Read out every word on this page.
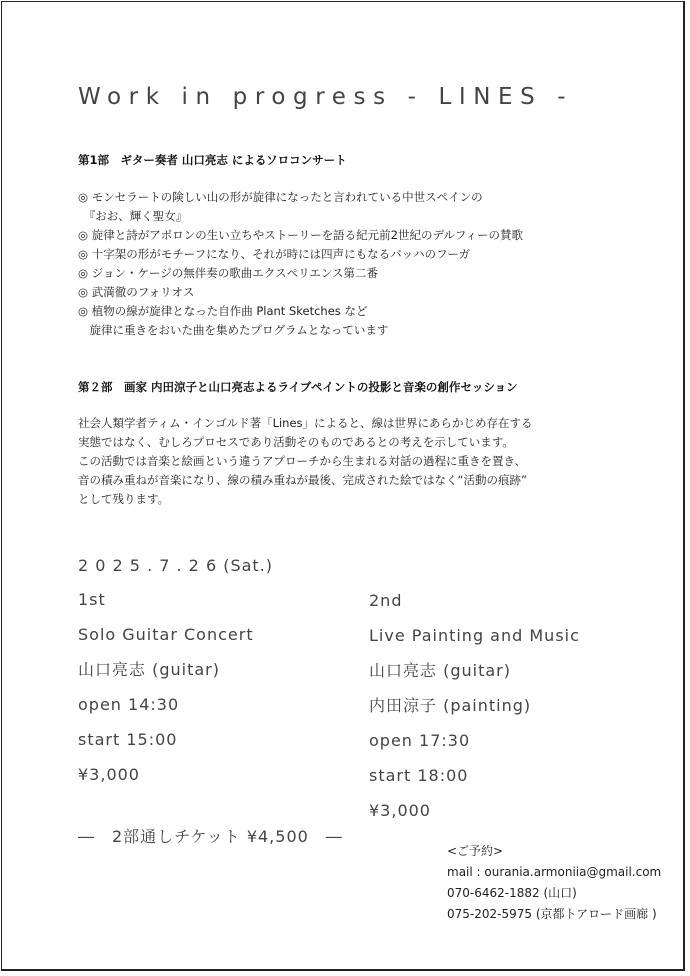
Work in progress - LINES -
第1部　ギター奏者 山口亮志 によるソロコンサート
◎ モンセラートの険しい山の形が旋律になったと言われている中世スペインの
　『おお、輝く聖女』
◎ 旋律と詩がアポロンの生い立ちやストーリーを語る紀元前2世紀のデルフィーの賛歌
◎ 十字架の形がモチーフになり、それが時には四声にもなるバッハのフーガ
◎ ジョン・ケージの無伴奏の歌曲エクスペリエンス第二番
◎ 武満徹のフォリオス
◎ 植物の線が旋律となった自作曲 Plant Sketches など
　旋律に重きをおいた曲を集めたプログラムとなっています
第２部　画家 内田涼子と山口亮志よるライブペイントの投影と音楽の創作セッション
社会人類学者ティム・インゴルド著「Lines」によると、線は世界にあらかじめ存在する
実態ではなく、むしろプロセスであり活動そのものであるとの考えを示しています。
この活動では音楽と絵画という違うアプローチから生まれる対話の過程に重きを置き、
音の積み重ねが音楽になり、線の積み重ねが最後、完成された絵ではなく“活動の痕跡”
として残ります。
2 0 2 5 . 7 . 2 6 (Sat.)
1st
Solo Guitar Concert
山口亮志 (guitar)
open 14:30
start 15:00
¥3,000
2nd
Live Painting and Music
山口亮志 (guitar)
内田涼子 (painting)
open 17:30
start 18:00
¥3,000
―　2部通しチケット ¥4,500　―
<ご予約>
mail : ourania.armoniia@gmail.com
070-6462-1882 (山口)
075-202-5975 (京都トアロード画廊 )
